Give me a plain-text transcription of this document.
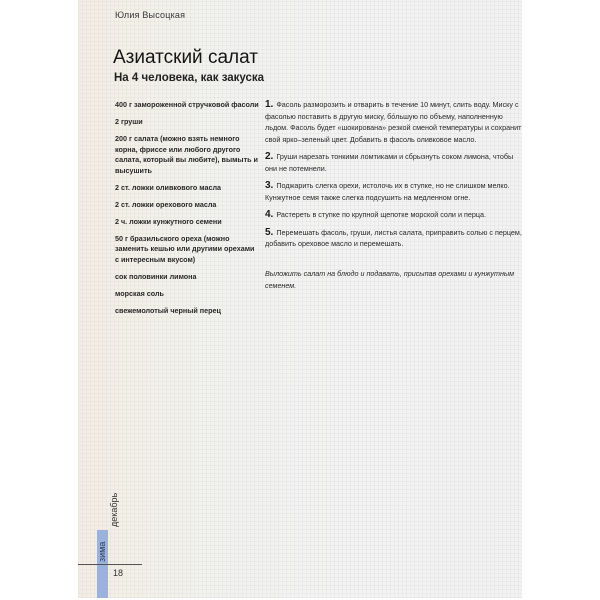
Юлия Высоцкая
Азиатский салат
На 4 человека, как закуска
400 г замороженной стручковой фасоли
2 груши
200 г салата (можно взять немного корна, фриссе или любого другого салата, который вы любите), вымыть и высушить
2 ст. ложки оливкового масла
2 ст. ложки орехового масла
2 ч. ложки кунжутного семени
50 г бразильского ореха (можно заменить кешью или другими орехами с интересным вкусом)
сок половинки лимона
морская соль
свежемолотый черный перец
1. Фасоль разморозить и отварить в течение 10 минут, слить воду. Миску с фасолью поставить в другую миску, бо́льшую по объему, наполненную льдом. Фасоль будет «шокирована» резкой сменой температуры и сохранит свой ярко–зеленый цвет. Добавить в фасоль оливковое масло.
2. Груши нарезать тонкими ломтиками и сбрызнуть соком лимона, чтобы они не потемнели.
3. Поджарить слегка орехи, истолочь их в ступке, но не слишком мелко. Кунжутное семя также слегка подсушить на медленном огне.
4. Растереть в ступке по крупной щепотке морской соли и перца.
5. Перемешать фасоль, груши, листья салата, приправить солью с перцем, добавить ореховое масло и перемешать.
Выложить салат на блюдо и подавать, присыпав орехами и кунжутным семенем.
зима
декабрь
18
